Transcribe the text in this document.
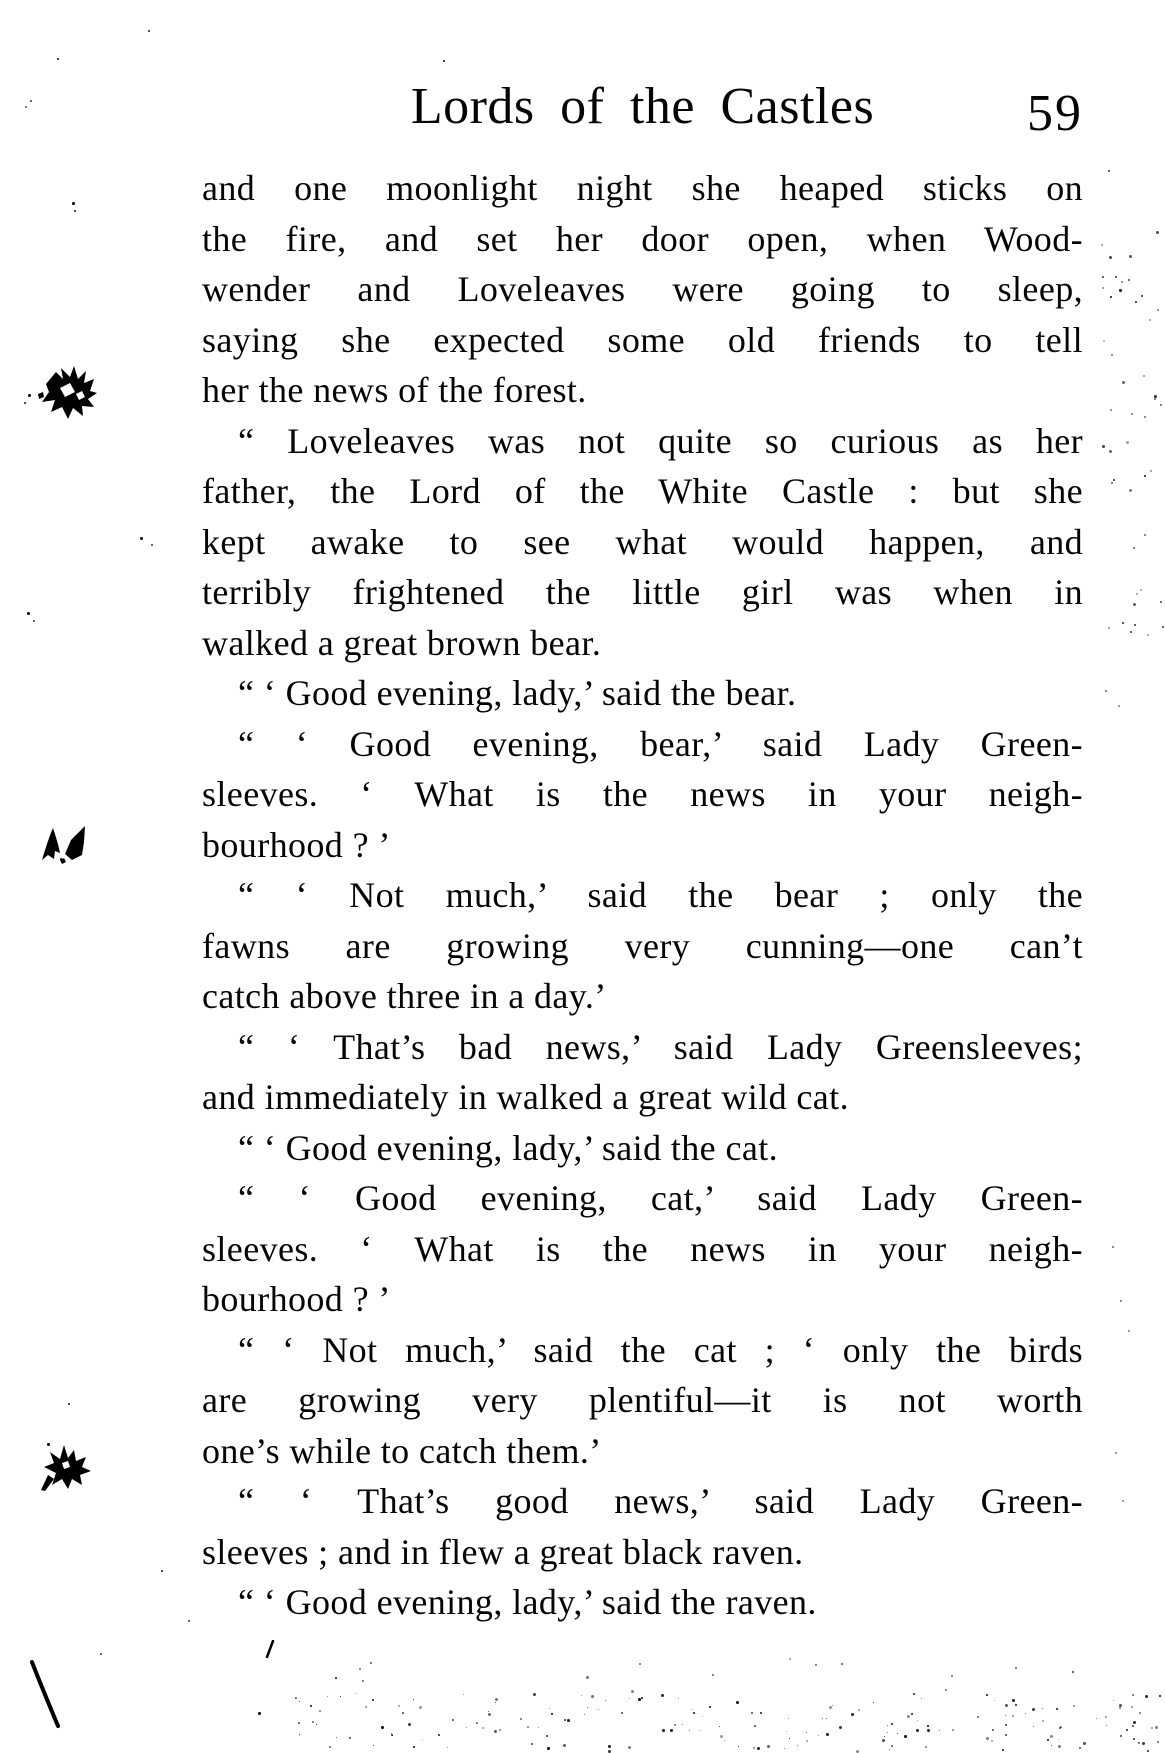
Lords of the Castles	59
and one moonlight night she heaped sticks on
the fire, and set her door open, when Wood-
wender and Loveleaves were going to sleep,
saying she expected some old friends to tell
her the news of the forest.
“ Loveleaves was not quite so curious as her
father, the Lord of the White Castle : but she
kept awake to see what would happen, and
terribly frightened the little girl was when in
walked a great brown bear.
“ ‘ Good evening, lady,’ said the bear.
“ ‘ Good evening, bear,’ said Lady Green-
sleeves. ‘ What is the news in your neigh-
bourhood ? ’
“ ‘ Not much,’ said the bear ; only the
fawns are growing very cunning—one can’t
catch above three in a day.’
“ ‘ That’s bad news,’ said Lady Greensleeves;
and immediately in walked a great wild cat.
“ ‘ Good evening, lady,’ said the cat.
“ ‘ Good evening, cat,’ said Lady Green-
sleeves. ‘ What is the news in your neigh-
bourhood ? ’
“ ‘ Not much,’ said the cat ; ‘ only the birds
are growing very plentiful—it is not worth
one’s while to catch them.’
“ ‘ That’s good news,’ said Lady Green-
sleeves ; and in flew a great black raven.
“ ‘ Good evening, lady,’ said the raven.
